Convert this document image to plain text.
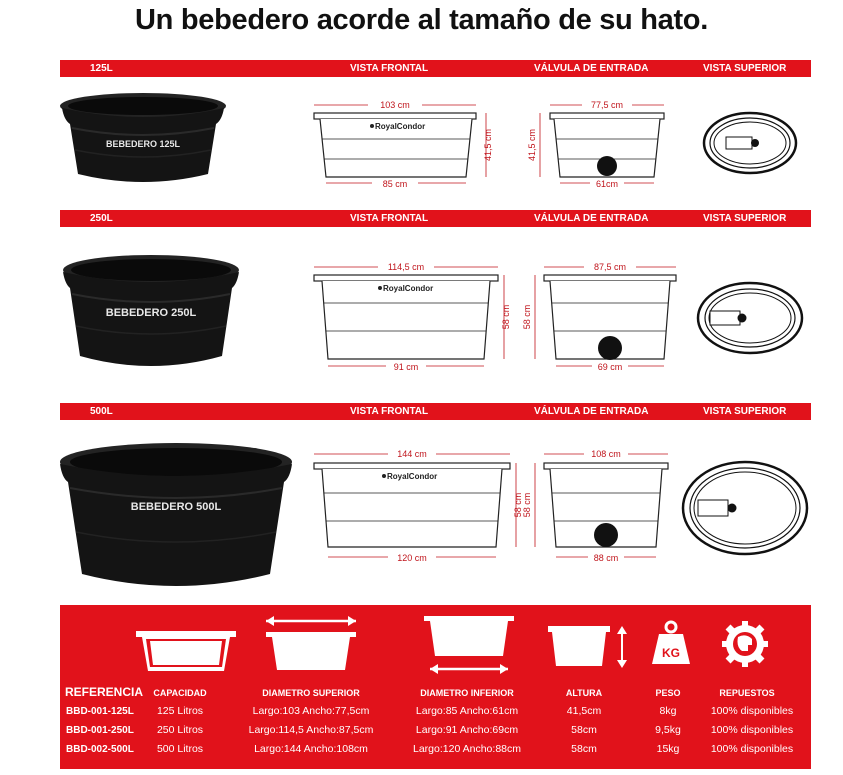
Un bebedero acorde al tamaño de su hato.
125L	VISTA FRONTAL	VÁLVULA DE ENTRADA	VISTA SUPERIOR
250L	VISTA FRONTAL	VÁLVULA DE ENTRADA	VISTA SUPERIOR
500L	VISTA FRONTAL	VÁLVULA DE ENTRADA	VISTA SUPERIOR
BEBEDERO 125L
RoyalCondor
103 cm
85 cm
41,5 cm
77,5 cm
61cm
41,5 cm
BEBEDERO 250L
RoyalCondor
114,5 cm
91 cm
58 cm
87,5 cm
69 cm
58 cm
BEBEDERO 500L
RoyalCondor
144 cm
120 cm
58 cm
108 cm
88 cm
58 cm
KG
REFERENCIA CAPACIDAD	DIAMETRO SUPERIOR	DIAMETRO INFERIOR	ALTURA	PESO	REPUESTOS
BBD-001-125L 125 Litros	Largo:103 Ancho:77,5cm	Largo:85 Ancho:61cm	41,5cm	8kg	100% disponibles
BBD-001-250L 250 Litros	Largo:114,5 Ancho:87,5cm	Largo:91 Ancho:69cm	58cm	9,5kg	100% disponibles
BBD-002-500L 500 Litros	Largo:144 Ancho:108cm	Largo:120 Ancho:88cm	58cm	15kg	100% disponibles
